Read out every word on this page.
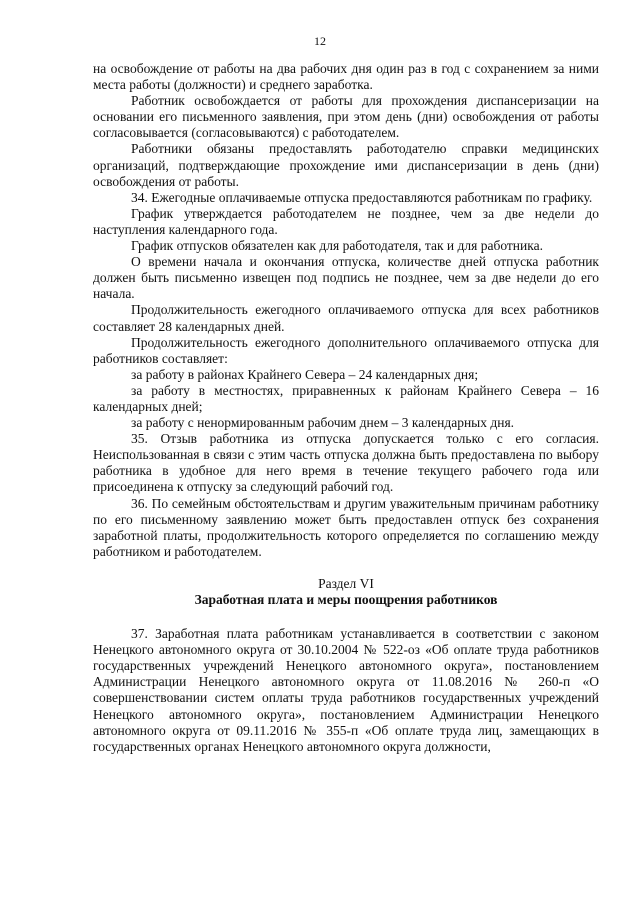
12

на освобождение от работы на два рабочих дня один раз в год с сохранением за ними места работы (должности) и среднего заработка.

Работник освобождается от работы для прохождения диспансеризации на основании его письменного заявления, при этом день (дни) освобождения от работы согласовывается (согласовываются) с работодателем.

Работники обязаны предоставлять работодателю справки медицинских организаций, подтверждающие прохождение ими диспансеризации в день (дни) освобождения от работы.

34. Ежегодные оплачиваемые отпуска предоставляются работникам по графику.

График утверждается работодателем не позднее, чем за две недели до наступления календарного года.

График отпусков обязателен как для работодателя, так и для работника.

О времени начала и окончания отпуска, количестве дней отпуска работник должен быть письменно извещен под подпись не позднее, чем за две недели до его начала.

Продолжительность ежегодного оплачиваемого отпуска для всех работников составляет 28 календарных дней.

Продолжительность ежегодного дополнительного оплачиваемого отпуска для работников составляет:

за работу в районах Крайнего Севера – 24 календарных дня;

за работу в местностях, приравненных к районам Крайнего Севера – 16 календарных дней;

за работу с ненормированным рабочим днем – 3 календарных дня.

35. Отзыв работника из отпуска допускается только с его согласия. Неиспользованная в связи с этим часть отпуска должна быть предоставлена по выбору работника в удобное для него время в течение текущего рабочего года или присоединена к отпуску за следующий рабочий год.

36. По семейным обстоятельствам и другим уважительным причинам работнику по его письменному заявлению может быть предоставлен отпуск без сохранения заработной платы, продолжительность которого определяется по соглашению между работником и работодателем.

Раздел VI

Заработная плата и меры поощрения работников

37. Заработная плата работникам устанавливается в соответствии с законом Ненецкого автономного округа от 30.10.2004 № 522-оз «Об оплате труда работников государственных учреждений Ненецкого автономного округа», постановлением Администрации Ненецкого автономного округа от 11.08.2016 № 260-п «О совершенствовании систем оплаты труда работников государственных учреждений Ненецкого автономного округа», постановлением Администрации Ненецкого автономного округа от 09.11.2016 № 355-п «Об оплате труда лиц, замещающих в государственных органах Ненецкого автономного округа должности,
